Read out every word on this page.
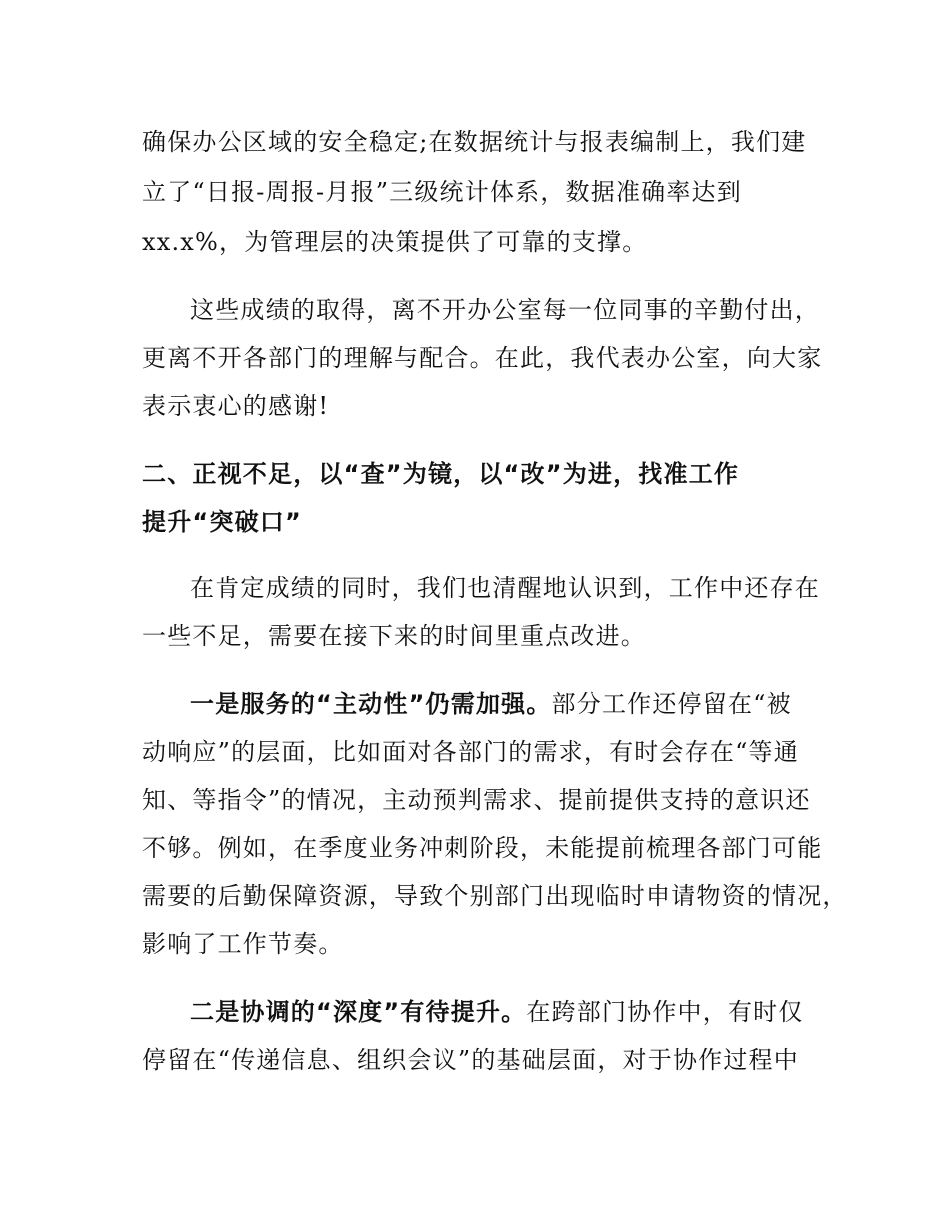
确保办公区域的安全稳定;在数据统计与报表编制上，我们建
立了“日报-周报-月报”三级统计体系，数据准确率达到
xx.x%，为管理层的决策提供了可靠的支撑。
这些成绩的取得，离不开办公室每一位同事的辛勤付出，
更离不开各部门的理解与配合。在此，我代表办公室，向大家
表示衷心的感谢!
二、正视不足，以“查”为镜，以“改”为进，找准工作
提升“突破口”
在肯定成绩的同时，我们也清醒地认识到，工作中还存在
一些不足，需要在接下来的时间里重点改进。
一是服务的“主动性”仍需加强。部分工作还停留在“被
动响应”的层面，比如面对各部门的需求，有时会存在“等通
知、等指令”的情况，主动预判需求、提前提供支持的意识还
不够。例如，在季度业务冲刺阶段，未能提前梳理各部门可能
需要的后勤保障资源，导致个别部门出现临时申请物资的情况，
影响了工作节奏。
二是协调的“深度”有待提升。在跨部门协作中，有时仅
停留在“传递信息、组织会议”的基础层面，对于协作过程中
